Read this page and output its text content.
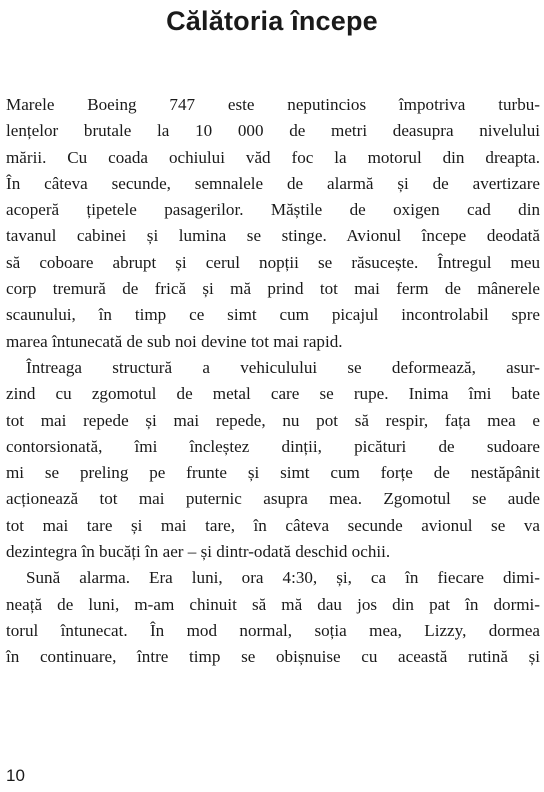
Călătoria începe

Marele Boeing 747 este neputincios împotriva turbu-
lențelor brutale la 10 000 de metri deasupra nivelului
mării. Cu coada ochiului văd foc la motorul din dreapta.
În câteva secunde, semnalele de alarmă și de avertizare
acoperă țipetele pasagerilor. Măștile de oxigen cad din
tavanul cabinei și lumina se stinge. Avionul începe deodată
să coboare abrupt și cerul nopții se răsucește. Întregul meu
corp tremură de frică și mă prind tot mai ferm de mânerele
scaunului, în timp ce simt cum picajul incontrolabil spre
marea întunecată de sub noi devine tot mai rapid.

Întreaga structură a vehiculului se deformează, asur-
zind cu zgomotul de metal care se rupe. Inima îmi bate
tot mai repede și mai repede, nu pot să respir, fața mea e
contorsionată, îmi încleștez dinții, picături de sudoare
mi se preling pe frunte și simt cum forțe de nestăpânit
acționează tot mai puternic asupra mea. Zgomotul se aude
tot mai tare și mai tare, în câteva secunde avionul se va
dezintegra în bucăți în aer – și dintr-odată deschid ochii.

Sună alarma. Era luni, ora 4:30, și, ca în fiecare dimi-
neață de luni, m-am chinuit să mă dau jos din pat în dormi-
torul întunecat. În mod normal, soția mea, Lizzy, dormea
în continuare, între timp se obișnuise cu această rutină și

10
